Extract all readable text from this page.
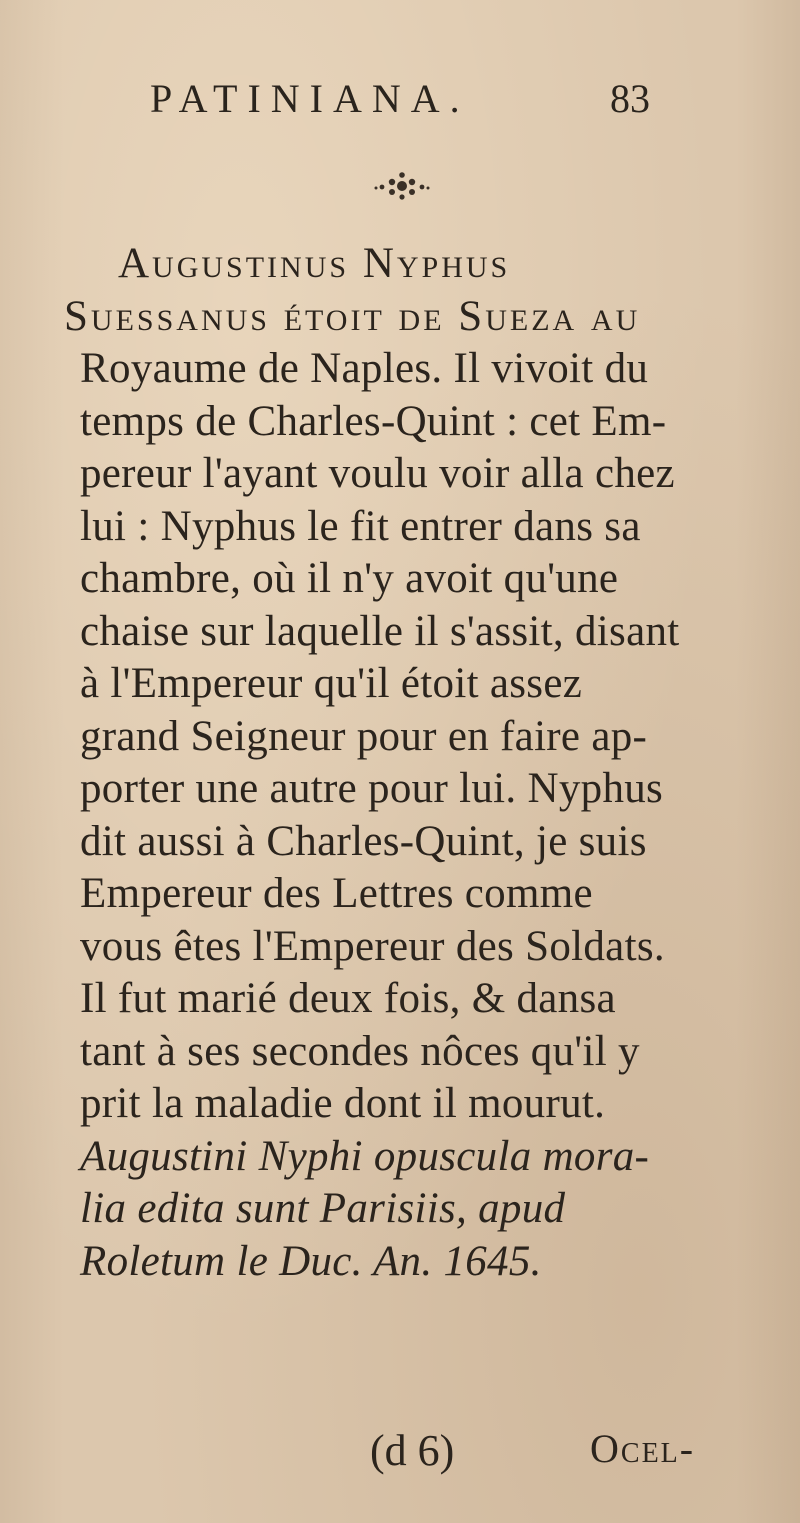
PATINIANA.	83
Augustinus Nyphus
Suessanus étoit de Sueza au
Royaume de Naples. Il vivoit du
temps de Charles-Quint : cet Em-
pereur l'ayant voulu voir alla chez
lui : Nyphus le fit entrer dans sa
chambre, où il n'y avoit qu'une
chaise sur laquelle il s'assit, disant
à l'Empereur qu'il étoit assez
grand Seigneur pour en faire ap-
porter une autre pour lui. Nyphus
dit aussi à Charles-Quint, je suis
Empereur des Lettres comme
vous êtes l'Empereur des Soldats.
Il fut marié deux fois, & dansa
tant à ses secondes nôces qu'il y
prit la maladie dont il mourut.
Augustini Nyphi opuscula mora-
lia edita sunt Parisiis, apud
Roletum le Duc. An. 1645.
(d 6)	Ocel-
